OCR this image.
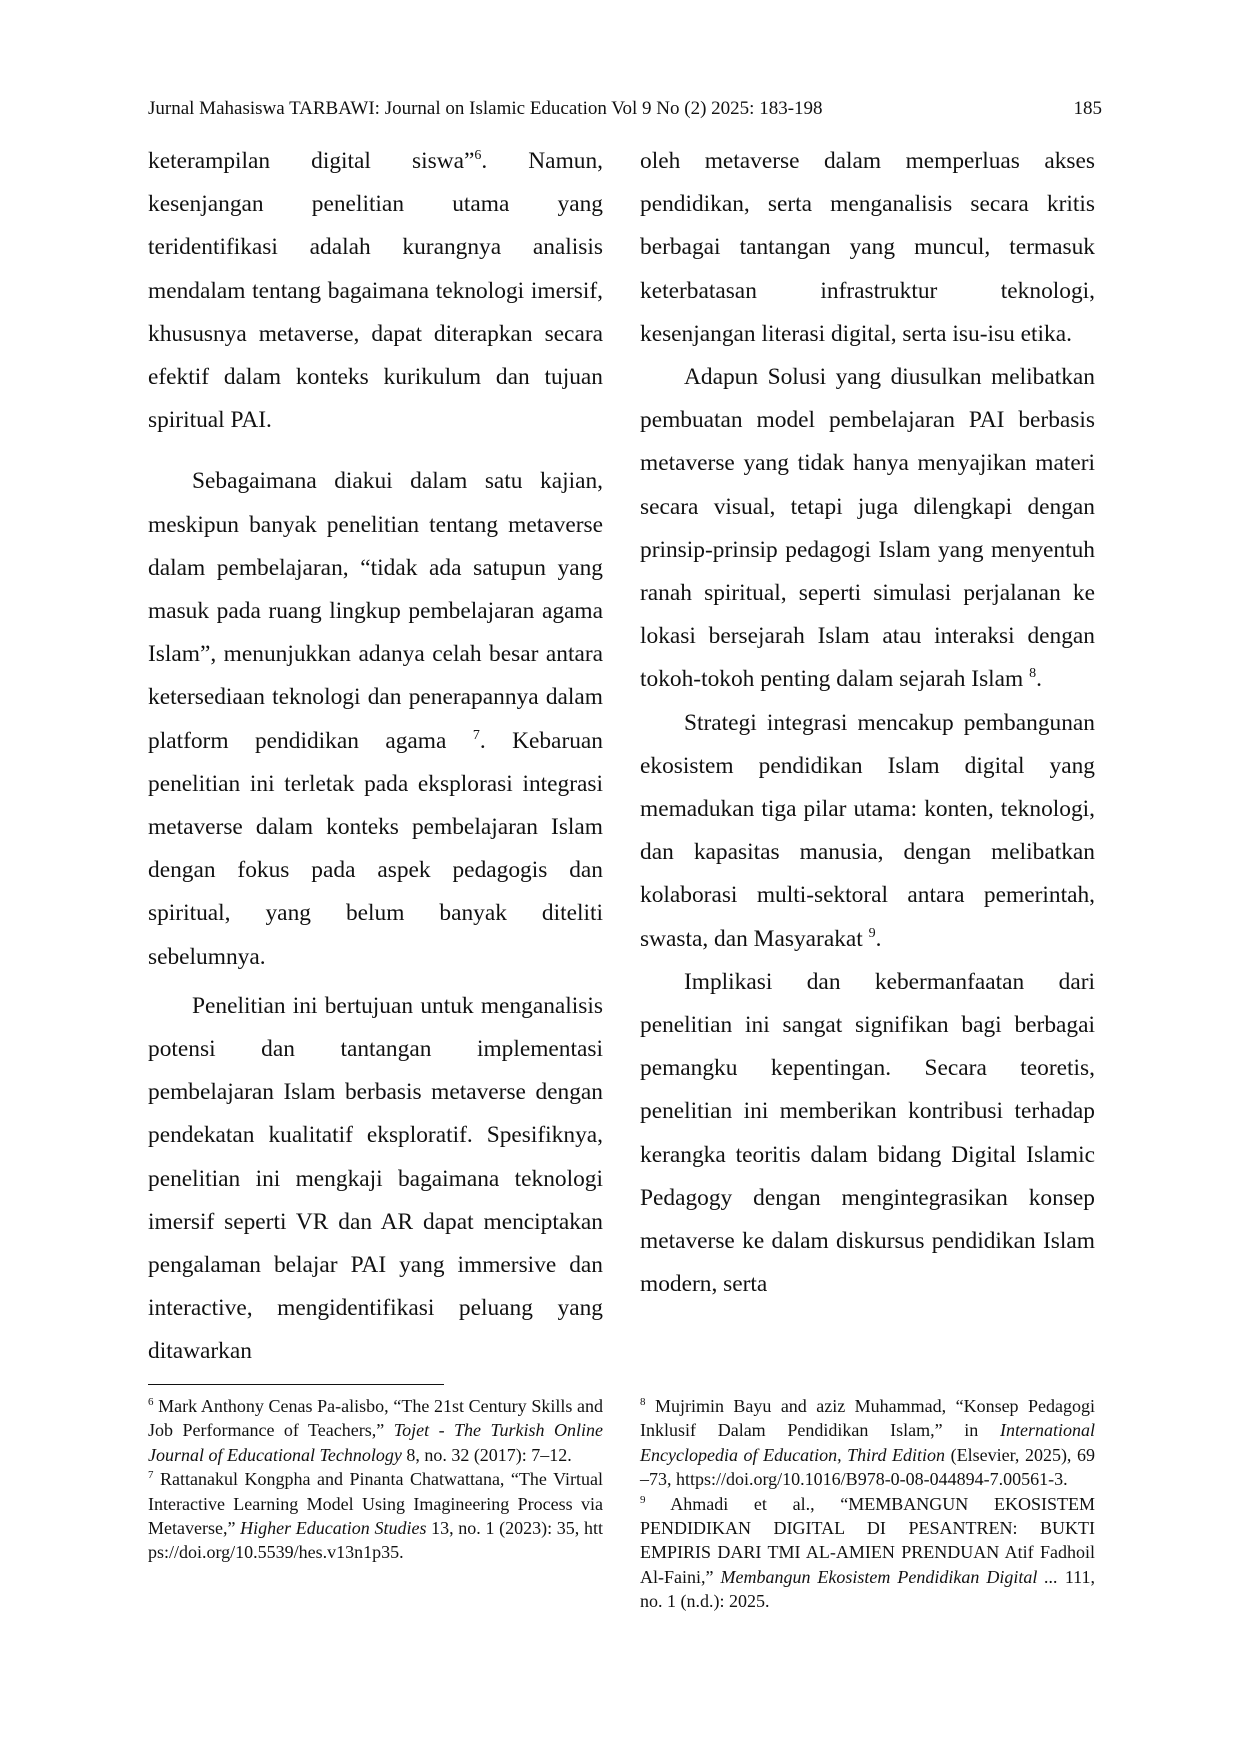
Jurnal Mahasiswa TARBAWI: Journal on Islamic Education Vol 9 No (2) 2025: 183-198	185

keterampilan digital siswa”$^6$. Namun, kesenjangan penelitian utama yang teridentifikasi adalah kurangnya analisis mendalam tentang bagaimana teknologi imersif, khususnya metaverse, dapat diterapkan secara efektif dalam konteks kurikulum dan tujuan spiritual PAI.

Sebagaimana diakui dalam satu kajian, meskipun banyak penelitian tentang metaverse dalam pembelajaran, “tidak ada satupun yang masuk pada ruang lingkup pembelajaran agama Islam”, menunjukkan adanya celah besar antara ketersediaan teknologi dan penerapannya dalam platform pendidikan agama $^7$. Kebaruan penelitian ini terletak pada eksplorasi integrasi metaverse dalam konteks pembelajaran Islam dengan fokus pada aspek pedagogis dan spiritual, yang belum banyak diteliti sebelumnya.

Penelitian ini bertujuan untuk menganalisis potensi dan tantangan implementasi pembelajaran Islam berbasis metaverse dengan pendekatan kualitatif eksploratif. Spesifiknya, penelitian ini mengkaji bagaimana teknologi imersif seperti VR dan AR dapat menciptakan pengalaman belajar PAI yang immersive dan interactive, mengidentifikasi peluang yang ditawarkan

oleh metaverse dalam memperluas akses pendidikan, serta menganalisis secara kritis berbagai tantangan yang muncul, termasuk keterbatasan infrastruktur teknologi, kesenjangan literasi digital, serta isu-isu etika.

Adapun Solusi yang diusulkan melibatkan pembuatan model pembelajaran PAI berbasis metaverse yang tidak hanya menyajikan materi secara visual, tetapi juga dilengkapi dengan prinsip-prinsip pedagogi Islam yang menyentuh ranah spiritual, seperti simulasi perjalanan ke lokasi bersejarah Islam atau interaksi dengan tokoh-tokoh penting dalam sejarah Islam $^8$.

Strategi integrasi mencakup pembangunan ekosistem pendidikan Islam digital yang memadukan tiga pilar utama: konten, teknologi, dan kapasitas manusia, dengan melibatkan kolaborasi multi-sektoral antara pemerintah, swasta, dan Masyarakat $^9$.

Implikasi dan kebermanfaatan dari penelitian ini sangat signifikan bagi berbagai pemangku kepentingan. Secara teoretis, penelitian ini memberikan kontribusi terhadap kerangka teoritis dalam bidang Digital Islamic Pedagogy dengan mengintegrasikan konsep metaverse ke dalam diskursus pendidikan Islam modern, serta

$^6$ Mark Anthony Cenas Pa-alisbo, “The 21st Century Skills and Job Performance of Teachers,” Tojet - The Turkish Online Journal of Educational Technology 8, no. 32 (2017): 7–12.

$^7$ Rattanakul Kongpha and Pinanta Chatwattana, “The Virtual Interactive Learning Model Using Imagineering Process via Metaverse,” Higher Education Studies 13, no. 1 (2023): 35, https://doi.org/10.5539/hes.v13n1p35.

$^8$ Mujrimin Bayu and aziz Muhammad, “Konsep Pedagogi Inklusif Dalam Pendidikan Islam,” in International Encyclopedia of Education, Third Edition (Elsevier, 2025), 69–73, https://doi.org/10.1016/B978-0-08-044894-7.00561-3.

$^9$ Ahmadi et al., “MEMBANGUN EKOSISTEM PENDIDIKAN DIGITAL DI PESANTREN: BUKTI EMPIRIS DARI TMI AL-AMIEN PRENDUAN Atif Fadhoil Al-Faini,” Membangun Ekosistem Pendidikan Digital ... 111, no. 1 (n.d.): 2025.
